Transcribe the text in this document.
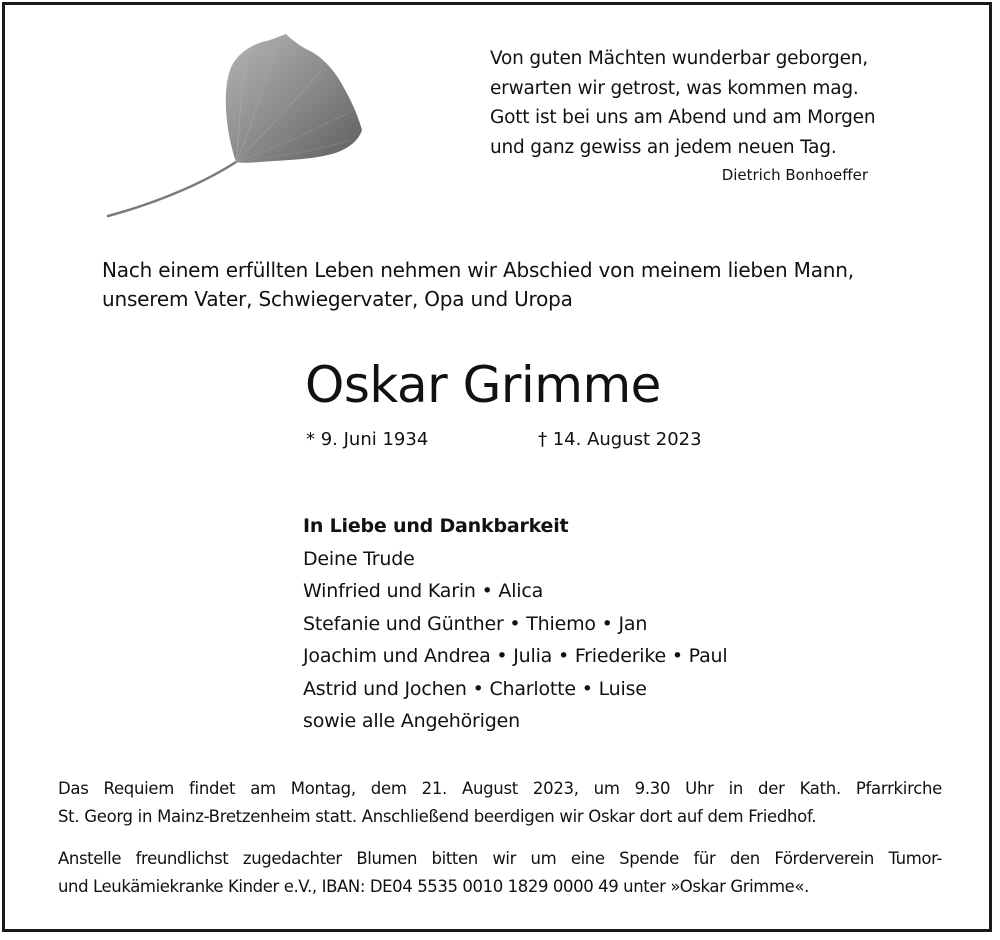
Von guten Mächten wunderbar geborgen,
erwarten wir getrost, was kommen mag.
Gott ist bei uns am Abend und am Morgen
und ganz gewiss an jedem neuen Tag.
Dietrich Bonhoeffer
Nach einem erfüllten Leben nehmen wir Abschied von meinem lieben Mann,
unserem Vater, Schwiegervater, Opa und Uropa
Oskar Grimme
* 9. Juni 1934	† 14. August 2023
In Liebe und Dankbarkeit
Deine Trude
Winfried und Karin • Alica
Stefanie und Günther • Thiemo • Jan
Joachim und Andrea • Julia • Friederike • Paul
Astrid und Jochen • Charlotte • Luise
sowie alle Angehörigen
Das Requiem findet am Montag, dem 21. August 2023, um 9.30 Uhr in der Kath. Pfarrkirche
St. Georg in Mainz-Bretzenheim statt. Anschließend beerdigen wir Oskar dort auf dem Friedhof.
Anstelle freundlichst zugedachter Blumen bitten wir um eine Spende für den Förderverein Tumor-
und Leukämiekranke Kinder e.V., IBAN: DE04 5535 0010 1829 0000 49 unter »Oskar Grimme«.
